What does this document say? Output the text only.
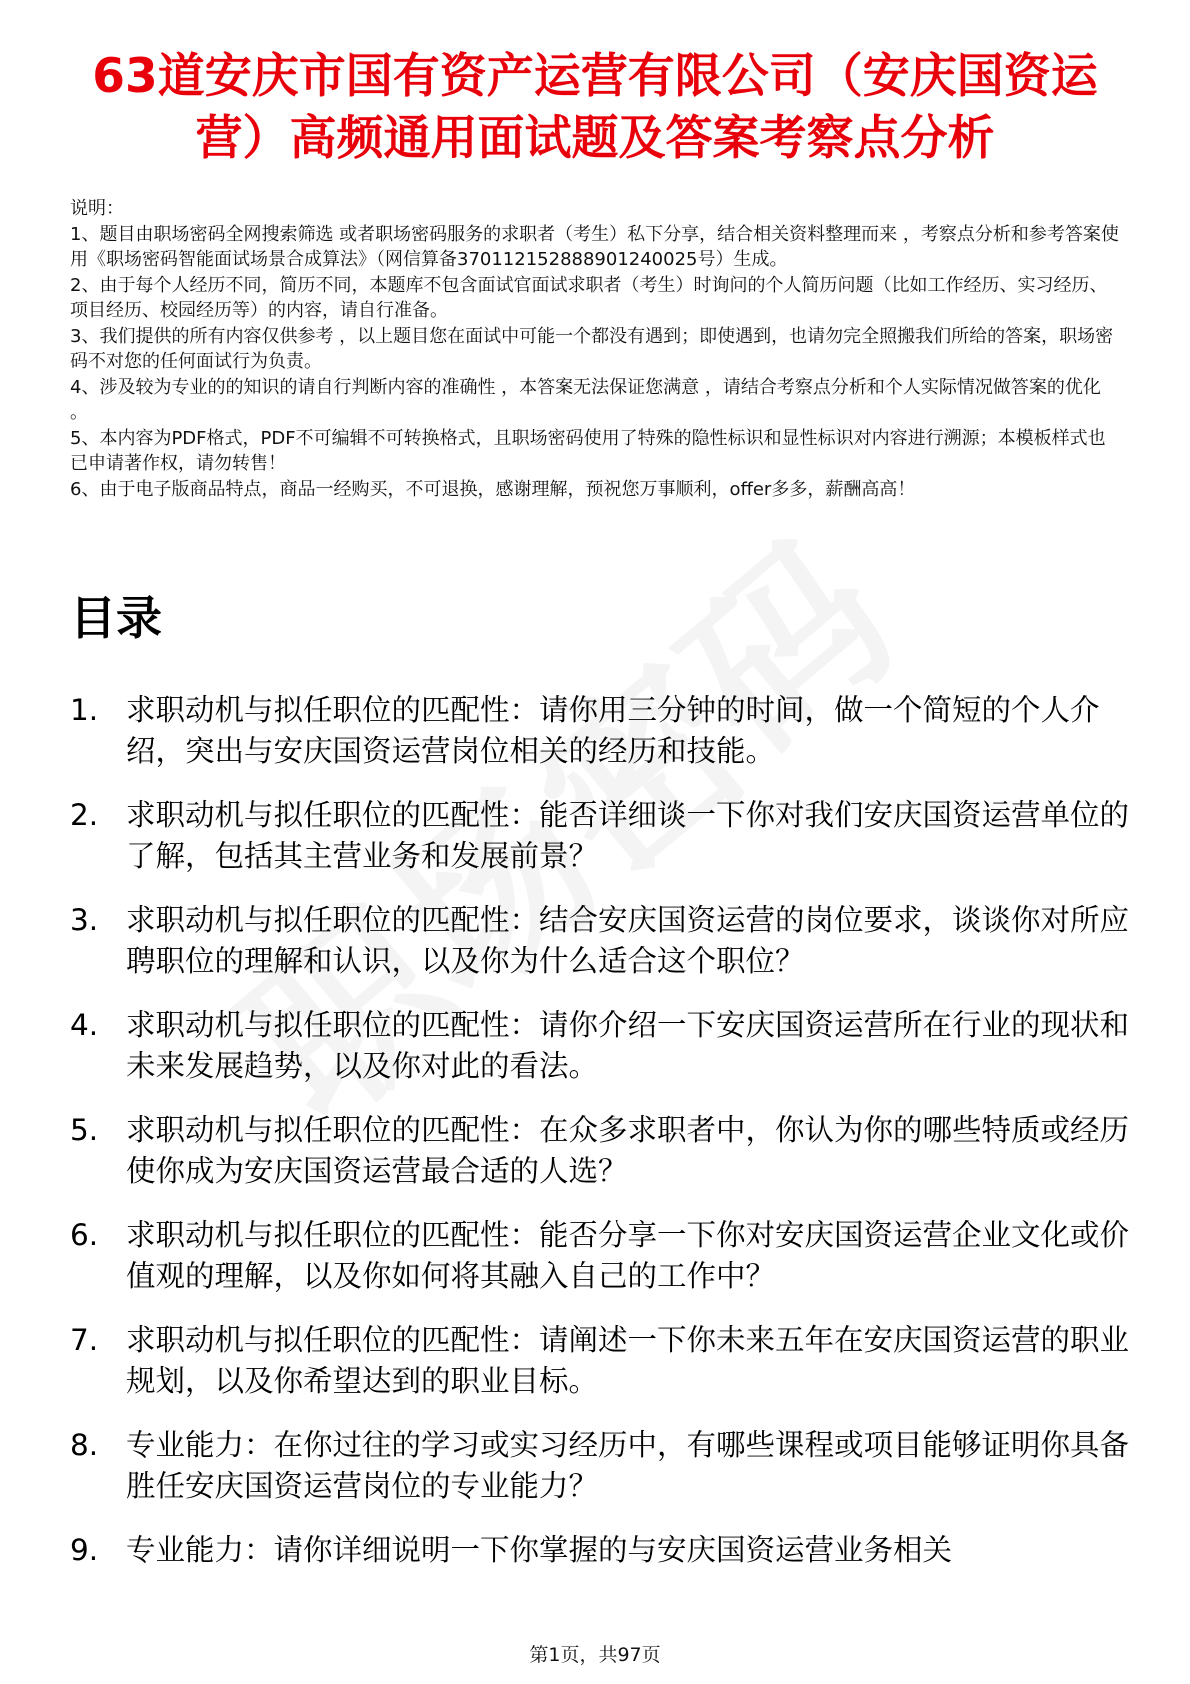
63道安庆市国有资产运营有限公司（安庆国资运营）高频通用面试题及答案考察点分析
说明：
1、题目由职场密码全网搜索筛选 或者职场密码服务的求职者（考生）私下分享，结合相关资料整理而来 ，考察点分析和参考答案使用《职场密码智能面试场景合成算法》（网信算备370112152888901240025号）生成。
2、由于每个人经历不同，简历不同，本题库不包含面试官面试求职者（考生）时询问的个人简历问题（比如工作经历、实习经历、项目经历、校园经历等）的内容，请自行准备。
3、我们提供的所有内容仅供参考 ，以上题目您在面试中可能一个都没有遇到；即使遇到，也请勿完全照搬我们所给的答案，职场密码不对您的任何面试行为负责。
4、涉及较为专业的的知识的请自行判断内容的准确性 ，本答案无法保证您满意 ，请结合考察点分析和个人实际情况做答案的优化 。
5、本内容为PDF格式，PDF不可编辑不可转换格式，且职场密码使用了特殊的隐性标识和显性标识对内容进行溯源；本模板样式也已申请著作权，请勿转售！
6、由于电子版商品特点，商品一经购买，不可退换，感谢理解，预祝您万事顺利，offer多多，薪酬高高！
目录
1. 求职动机与拟任职位的匹配性：请你用三分钟的时间，做一个简短的个人介绍，突出与安庆国资运营岗位相关的经历和技能。
2. 求职动机与拟任职位的匹配性：能否详细谈一下你对我们安庆国资运营单位的了解，包括其主营业务和发展前景？
3. 求职动机与拟任职位的匹配性：结合安庆国资运营的岗位要求，谈谈你对所应聘职位的理解和认识，以及你为什么适合这个职位？
4. 求职动机与拟任职位的匹配性：请你介绍一下安庆国资运营所在行业的现状和未来发展趋势，以及你对此的看法。
5. 求职动机与拟任职位的匹配性：在众多求职者中，你认为你的哪些特质或经历使你成为安庆国资运营最合适的人选？
6. 求职动机与拟任职位的匹配性：能否分享一下你对安庆国资运营企业文化或价值观的理解，以及你如何将其融入自己的工作中？
7. 求职动机与拟任职位的匹配性：请阐述一下你未来五年在安庆国资运营的职业规划，以及你希望达到的职业目标。
8. 专业能力：在你过往的学习或实习经历中，有哪些课程或项目能够证明你具备胜任安庆国资运营岗位的专业能力？
9. 专业能力：请你详细说明一下你掌握的与安庆国资运营业务相关
第1页，共97页
